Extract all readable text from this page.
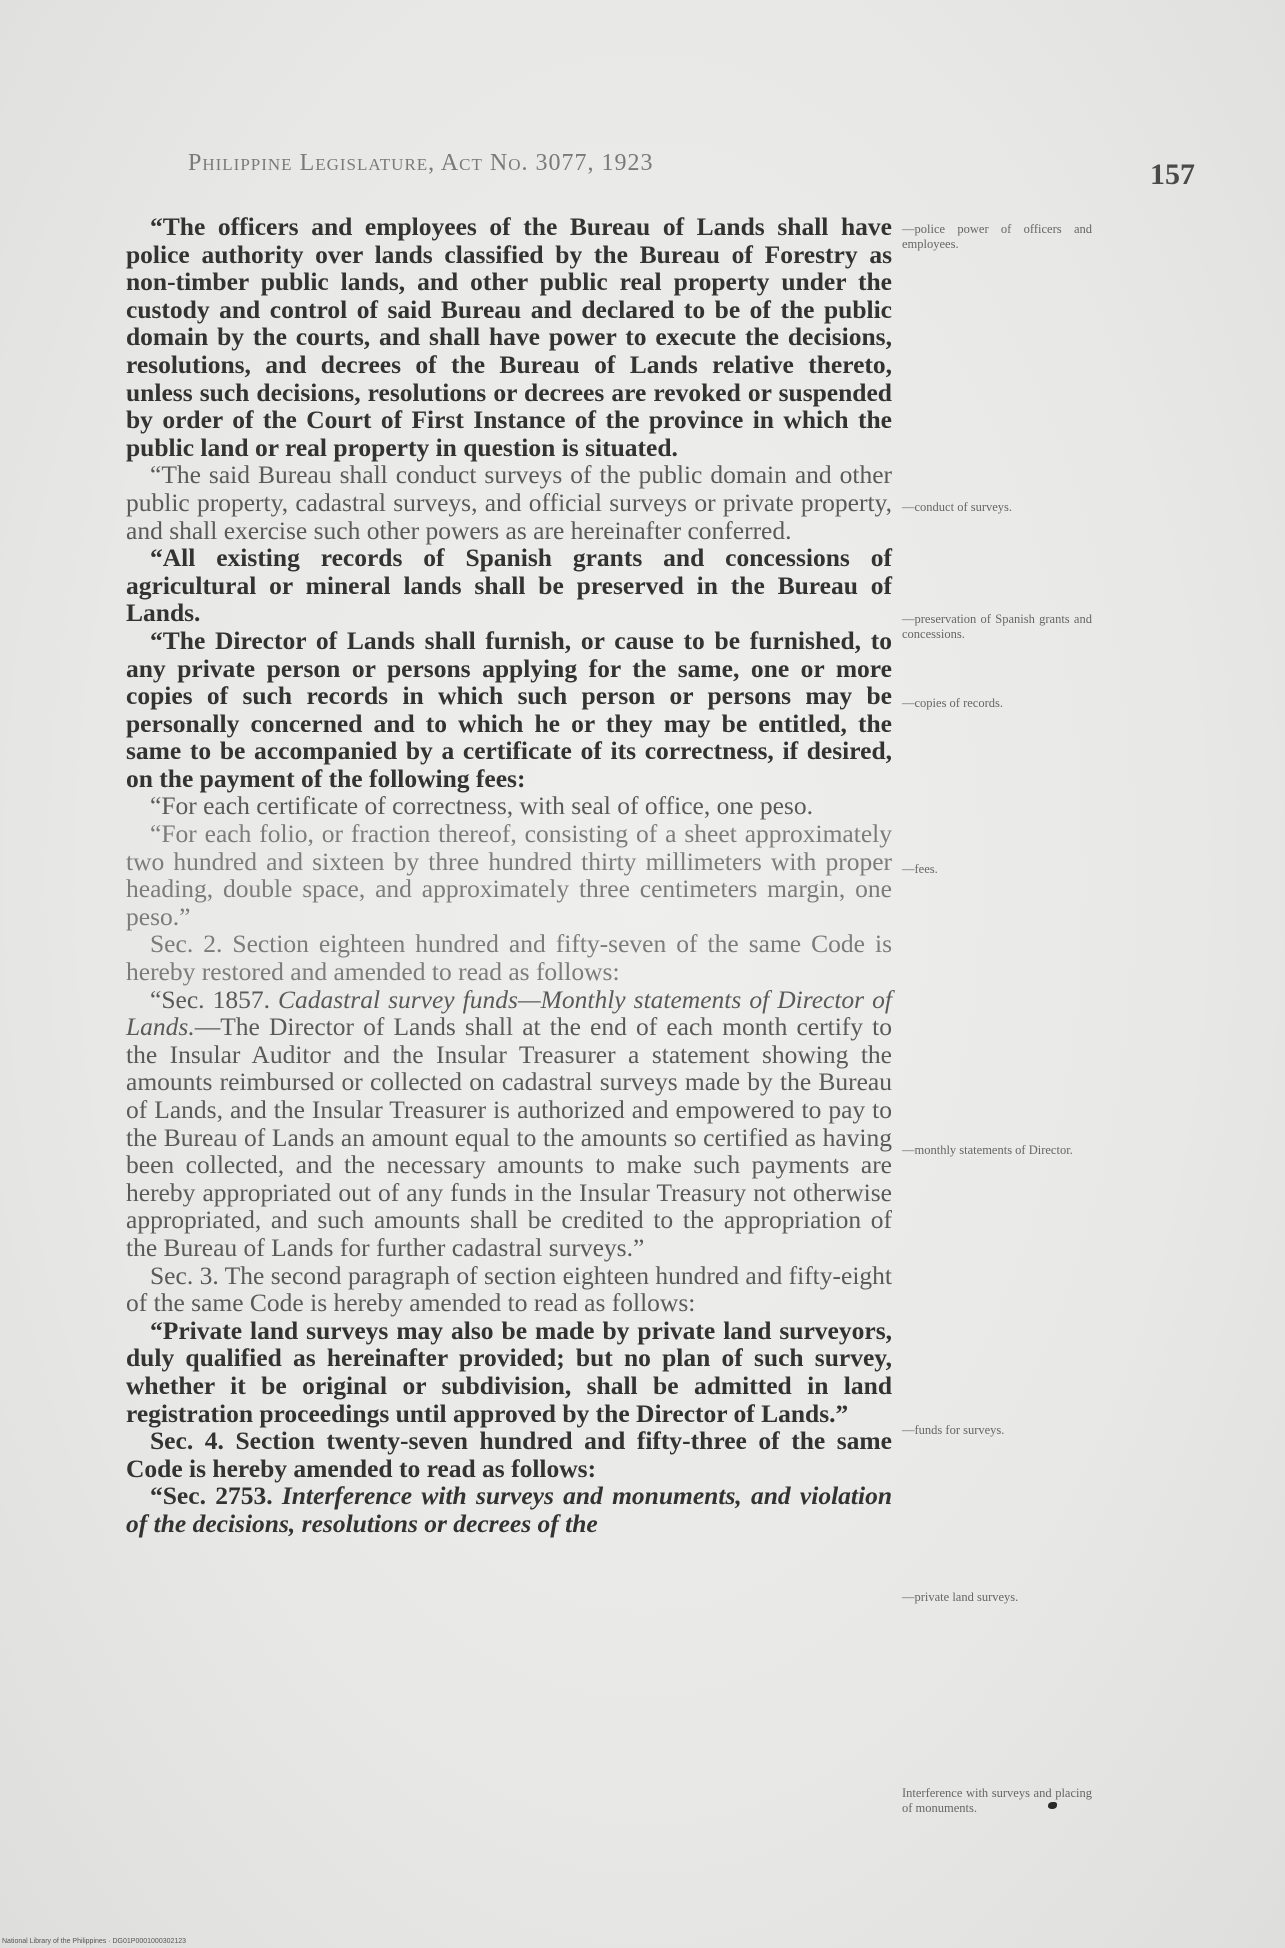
Philippine Legislature, Act No. 3077, 1923	157

“The officers and employees of the Bureau of Lands shall have police authority over lands classified by the Bureau of Forestry as non-timber public lands, and other public real property under the custody and control of said Bureau and declared to be of the public domain by the courts, and shall have power to execute the decisions, resolutions, and decrees of the Bureau of Lands relative thereto, unless such decisions, resolutions or decrees are revoked or suspended by order of the Court of First Instance of the province in which the public land or real property in question is situated.

“The said Bureau shall conduct surveys of the public domain and other public property, cadastral surveys, and official surveys or private property, and shall exercise such other powers as are hereinafter conferred.

“All existing records of Spanish grants and concessions of agricultural or mineral lands shall be preserved in the Bureau of Lands.

“The Director of Lands shall furnish, or cause to be furnished, to any private person or persons applying for the same, one or more copies of such records in which such person or persons may be personally concerned and to which he or they may be entitled, the same to be accompanied by a certificate of its correctness, if desired, on the payment of the following fees:

“For each certificate of correctness, with seal of office, one peso.

“For each folio, or fraction thereof, consisting of a sheet approximately two hundred and sixteen by three hundred thirty millimeters with proper heading, double space, and approximately three centimeters margin, one peso.”

Sec. 2. Section eighteen hundred and fifty-seven of the same Code is hereby restored and amended to read as follows:

“Sec. 1857. Cadastral survey funds—Monthly statements of Director of Lands.—The Director of Lands shall at the end of each month certify to the Insular Auditor and the Insular Treasurer a statement showing the amounts reimbursed or collected on cadastral surveys made by the Bureau of Lands, and the Insular Treasurer is authorized and empowered to pay to the Bureau of Lands an amount equal to the amounts so certified as having been collected, and the necessary amounts to make such payments are hereby appropriated out of any funds in the Insular Treasury not otherwise appropriated, and such amounts shall be credited to the appropriation of the Bureau of Lands for further cadastral surveys.”

Sec. 3. The second paragraph of section eighteen hundred and fifty-eight of the same Code is hereby amended to read as follows:

“Private land surveys may also be made by private land surveyors, duly qualified as hereinafter provided; but no plan of such survey, whether it be original or subdivision, shall be admitted in land registration proceedings until approved by the Director of Lands.”

Sec. 4. Section twenty-seven hundred and fifty-three of the same Code is hereby amended to read as follows:

“Sec. 2753. Interference with surveys and monuments, and violation of the decisions, resolutions or decrees of the

—police power of officers and employees.
—conduct of surveys.
—preservation of Spanish grants and concessions.
—copies of records.
—fees.
—monthly statements of Director.
—funds for surveys.
—private land surveys.
Interference with surveys and placing of monuments.
National Library of the Philippines · DG01P0001000302123
